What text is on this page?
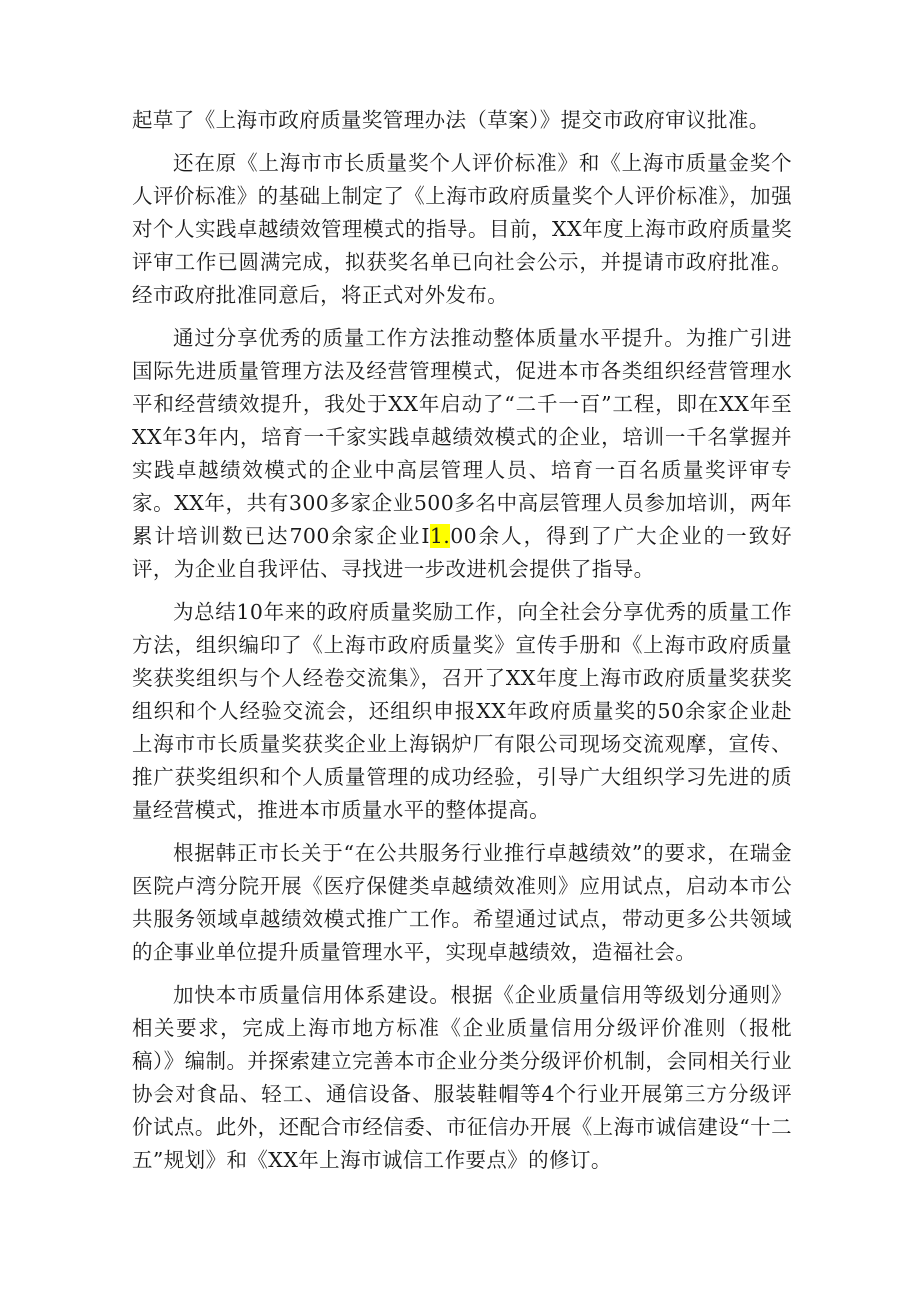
起草了《上海市政府质量奖管理办法（草案）》提交市政府审议批准。

还在原《上海市市长质量奖个人评价标准》和《上海市质量金奖个人评价标准》的基础上制定了《上海市政府质量奖个人评价标准》，加强对个人实践卓越绩效管理模式的指导。目前，XX年度上海市政府质量奖评审工作已圆满完成，拟获奖名单已向社会公示，并提请市政府批准。经市政府批准同意后，将正式对外发布。

通过分享优秀的质量工作方法推动整体质量水平提升。为推广引进国际先进质量管理方法及经营管理模式，促进本市各类组织经营管理水平和经营绩效提升，我处于XX年启动了“二千一百”工程，即在XX年至XX年3年内，培育一千家实践卓越绩效模式的企业，培训一千名掌握并实践卓越绩效模式的企业中高层管理人员、培育一百名质量奖评审专家。XX年，共有300多家企业500多名中高层管理人员参加培训，两年累计培训数已达700余家企业I1.00余人，得到了广大企业的一致好评，为企业自我评估、寻找进一步改进机会提供了指导。

为总结10年来的政府质量奖励工作，向全社会分享优秀的质量工作方法，组织编印了《上海市政府质量奖》宣传手册和《上海市政府质量奖获奖组织与个人经卷交流集》，召开了XX年度上海市政府质量奖获奖组织和个人经验交流会，还组织申报XX年政府质量奖的50余家企业赴上海市市长质量奖获奖企业上海锅炉厂有限公司现场交流观摩，宣传、推广获奖组织和个人质量管理的成功经验，引导广大组织学习先进的质量经营模式，推进本市质量水平的整体提高。

根据韩正市长关于“在公共服务行业推行卓越绩效”的要求，在瑞金医院卢湾分院开展《医疗保健类卓越绩效准则》应用试点，启动本市公共服务领域卓越绩效模式推广工作。希望通过试点，带动更多公共领域的企事业单位提升质量管理水平，实现卓越绩效，造福社会。

加快本市质量信用体系建设。根据《企业质量信用等级划分通则》相关要求，完成上海市地方标准《企业质量信用分级评价准则（报枇稿）》编制。并探索建立完善本市企业分类分级评价机制，会同相关行业协会对食品、轻工、通信设备、服装鞋帽等4个行业开展第三方分级评价试点。此外，还配合市经信委、市征信办开展《上海市诚信建设“十二五”规划》和《XX年上海市诚信工作要点》的修订。
